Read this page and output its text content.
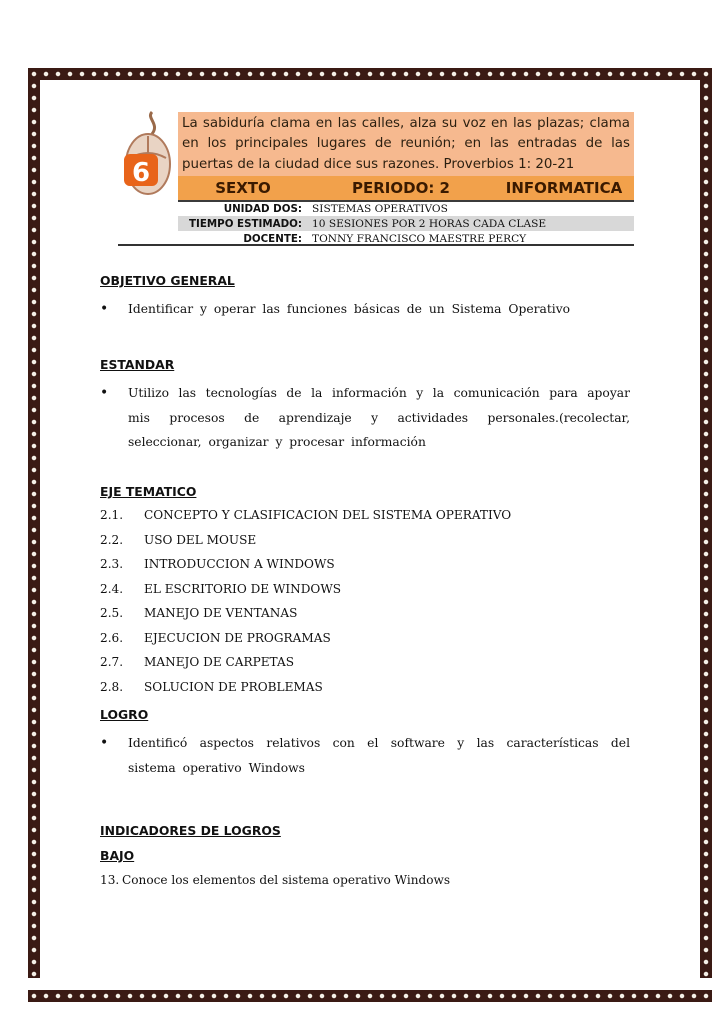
6
La sabiduría clama en las calles, alza su voz en las plazas; clama en los principales lugares de reunión; en las entradas de las puertas de la ciudad dice sus razones. Proverbios 1: 20-21
SEXTO	PERIODO: 2	INFORMATICA
UNIDAD DOS: SISTEMAS OPERATIVOS
TIEMPO ESTIMADO: 10 SESIONES POR 2 HORAS CADA CLASE
DOCENTE: TONNY FRANCISCO MAESTRE PERCY
OBJETIVO GENERAL
• Identificar y operar las funciones básicas de un Sistema Operativo
ESTANDAR
• Utilizo las tecnologías de la información y la comunicación para apoyar mis procesos de aprendizaje y actividades personales.(recolectar, seleccionar, organizar y procesar información
EJE TEMATICO
2.1.	CONCEPTO Y CLASIFICACION DEL SISTEMA OPERATIVO
2.2.	USO DEL MOUSE
2.3.	INTRODUCCION A WINDOWS
2.4.	EL ESCRITORIO DE WINDOWS
2.5.	MANEJO DE VENTANAS
2.6.	EJECUCION DE PROGRAMAS
2.7.	MANEJO DE CARPETAS
2.8.	SOLUCION DE PROBLEMAS
LOGRO
• Identificó aspectos relativos con el software y las características del sistema operativo Windows
INDICADORES DE LOGROS
BAJO
13. Conoce los elementos del sistema operativo Windows
